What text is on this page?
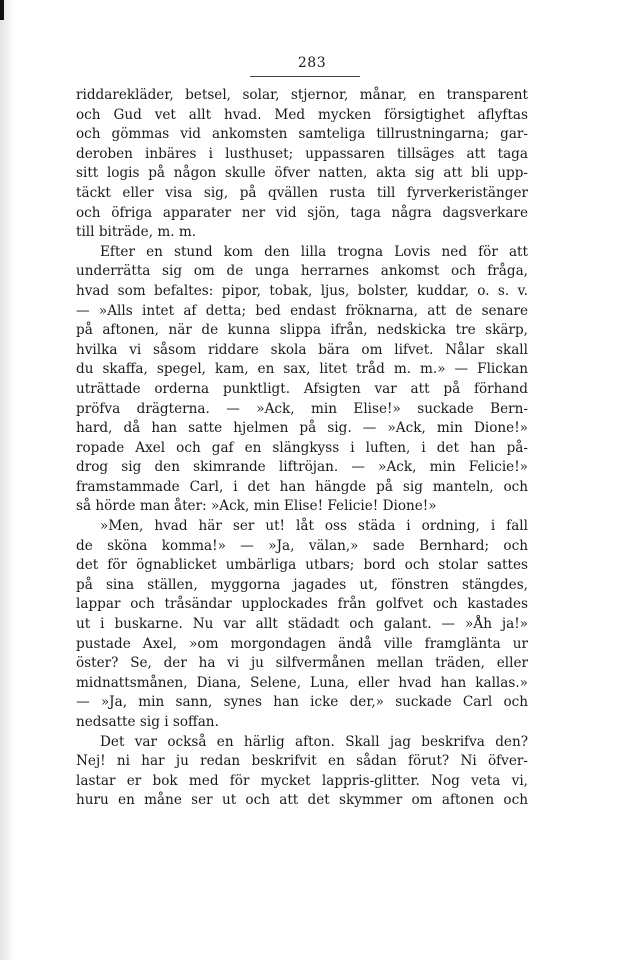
283
riddarekläder, betsel, solar, stjernor, månar, en transparent
och Gud vet allt hvad. Med mycken försigtighet aflyftas
och gömmas vid ankomsten samteliga tillrustningarna; gar-
deroben inbäres i lusthuset; uppassaren tillsäges att taga
sitt logis på någon skulle öfver natten, akta sig att bli upp-
täckt eller visa sig, på qvällen rusta till fyrverkeristänger
och öfriga apparater ner vid sjön, taga några dagsverkare
till biträde, m. m.
Efter en stund kom den lilla trogna Lovis ned för att
underrätta sig om de unga herrarnes ankomst och fråga,
hvad som befaltes: pipor, tobak, ljus, bolster, kuddar, o. s. v.
— »Alls intet af detta; bed endast fröknarna, att de senare
på aftonen, när de kunna slippa ifrån, nedskicka tre skärp,
hvilka vi såsom riddare skola bära om lifvet. Nålar skall
du skaffa, spegel, kam, en sax, litet tråd m. m.» — Flickan
uträttade orderna punktligt. Afsigten var att på förhand
pröfva drägterna. — »Ack, min Elise!» suckade Bern-
hard, då han satte hjelmen på sig. — »Ack, min Dione!»
ropade Axel och gaf en slängkyss i luften, i det han på-
drog sig den skimrande liftröjan. — »Ack, min Felicie!»
framstammade Carl, i det han hängde på sig manteln, och
så hörde man åter: »Ack, min Elise! Felicie! Dione!»
»Men, hvad här ser ut! låt oss städa i ordning, i fall
de sköna komma!» — »Ja, välan,» sade Bernhard; och
det för ögnablicket umbärliga utbars; bord och stolar sattes
på sina ställen, myggorna jagades ut, fönstren stängdes,
lappar och tråsändar upplockades från golfvet och kastades
ut i buskarne. Nu var allt städadt och galant. — »Åh ja!»
pustade Axel, »om morgondagen ändå ville framglänta ur
öster? Se, der ha vi ju silfvermånen mellan träden, eller
midnattsmånen, Diana, Selene, Luna, eller hvad han kallas.»
— »Ja, min sann, synes han icke der,» suckade Carl och
nedsatte sig i soffan.
Det var också en härlig afton. Skall jag beskrifva den?
Nej! ni har ju redan beskrifvit en sådan förut? Ni öfver-
lastar er bok med för mycket lappris-glitter. Nog veta vi,
huru en måne ser ut och att det skymmer om aftonen och
